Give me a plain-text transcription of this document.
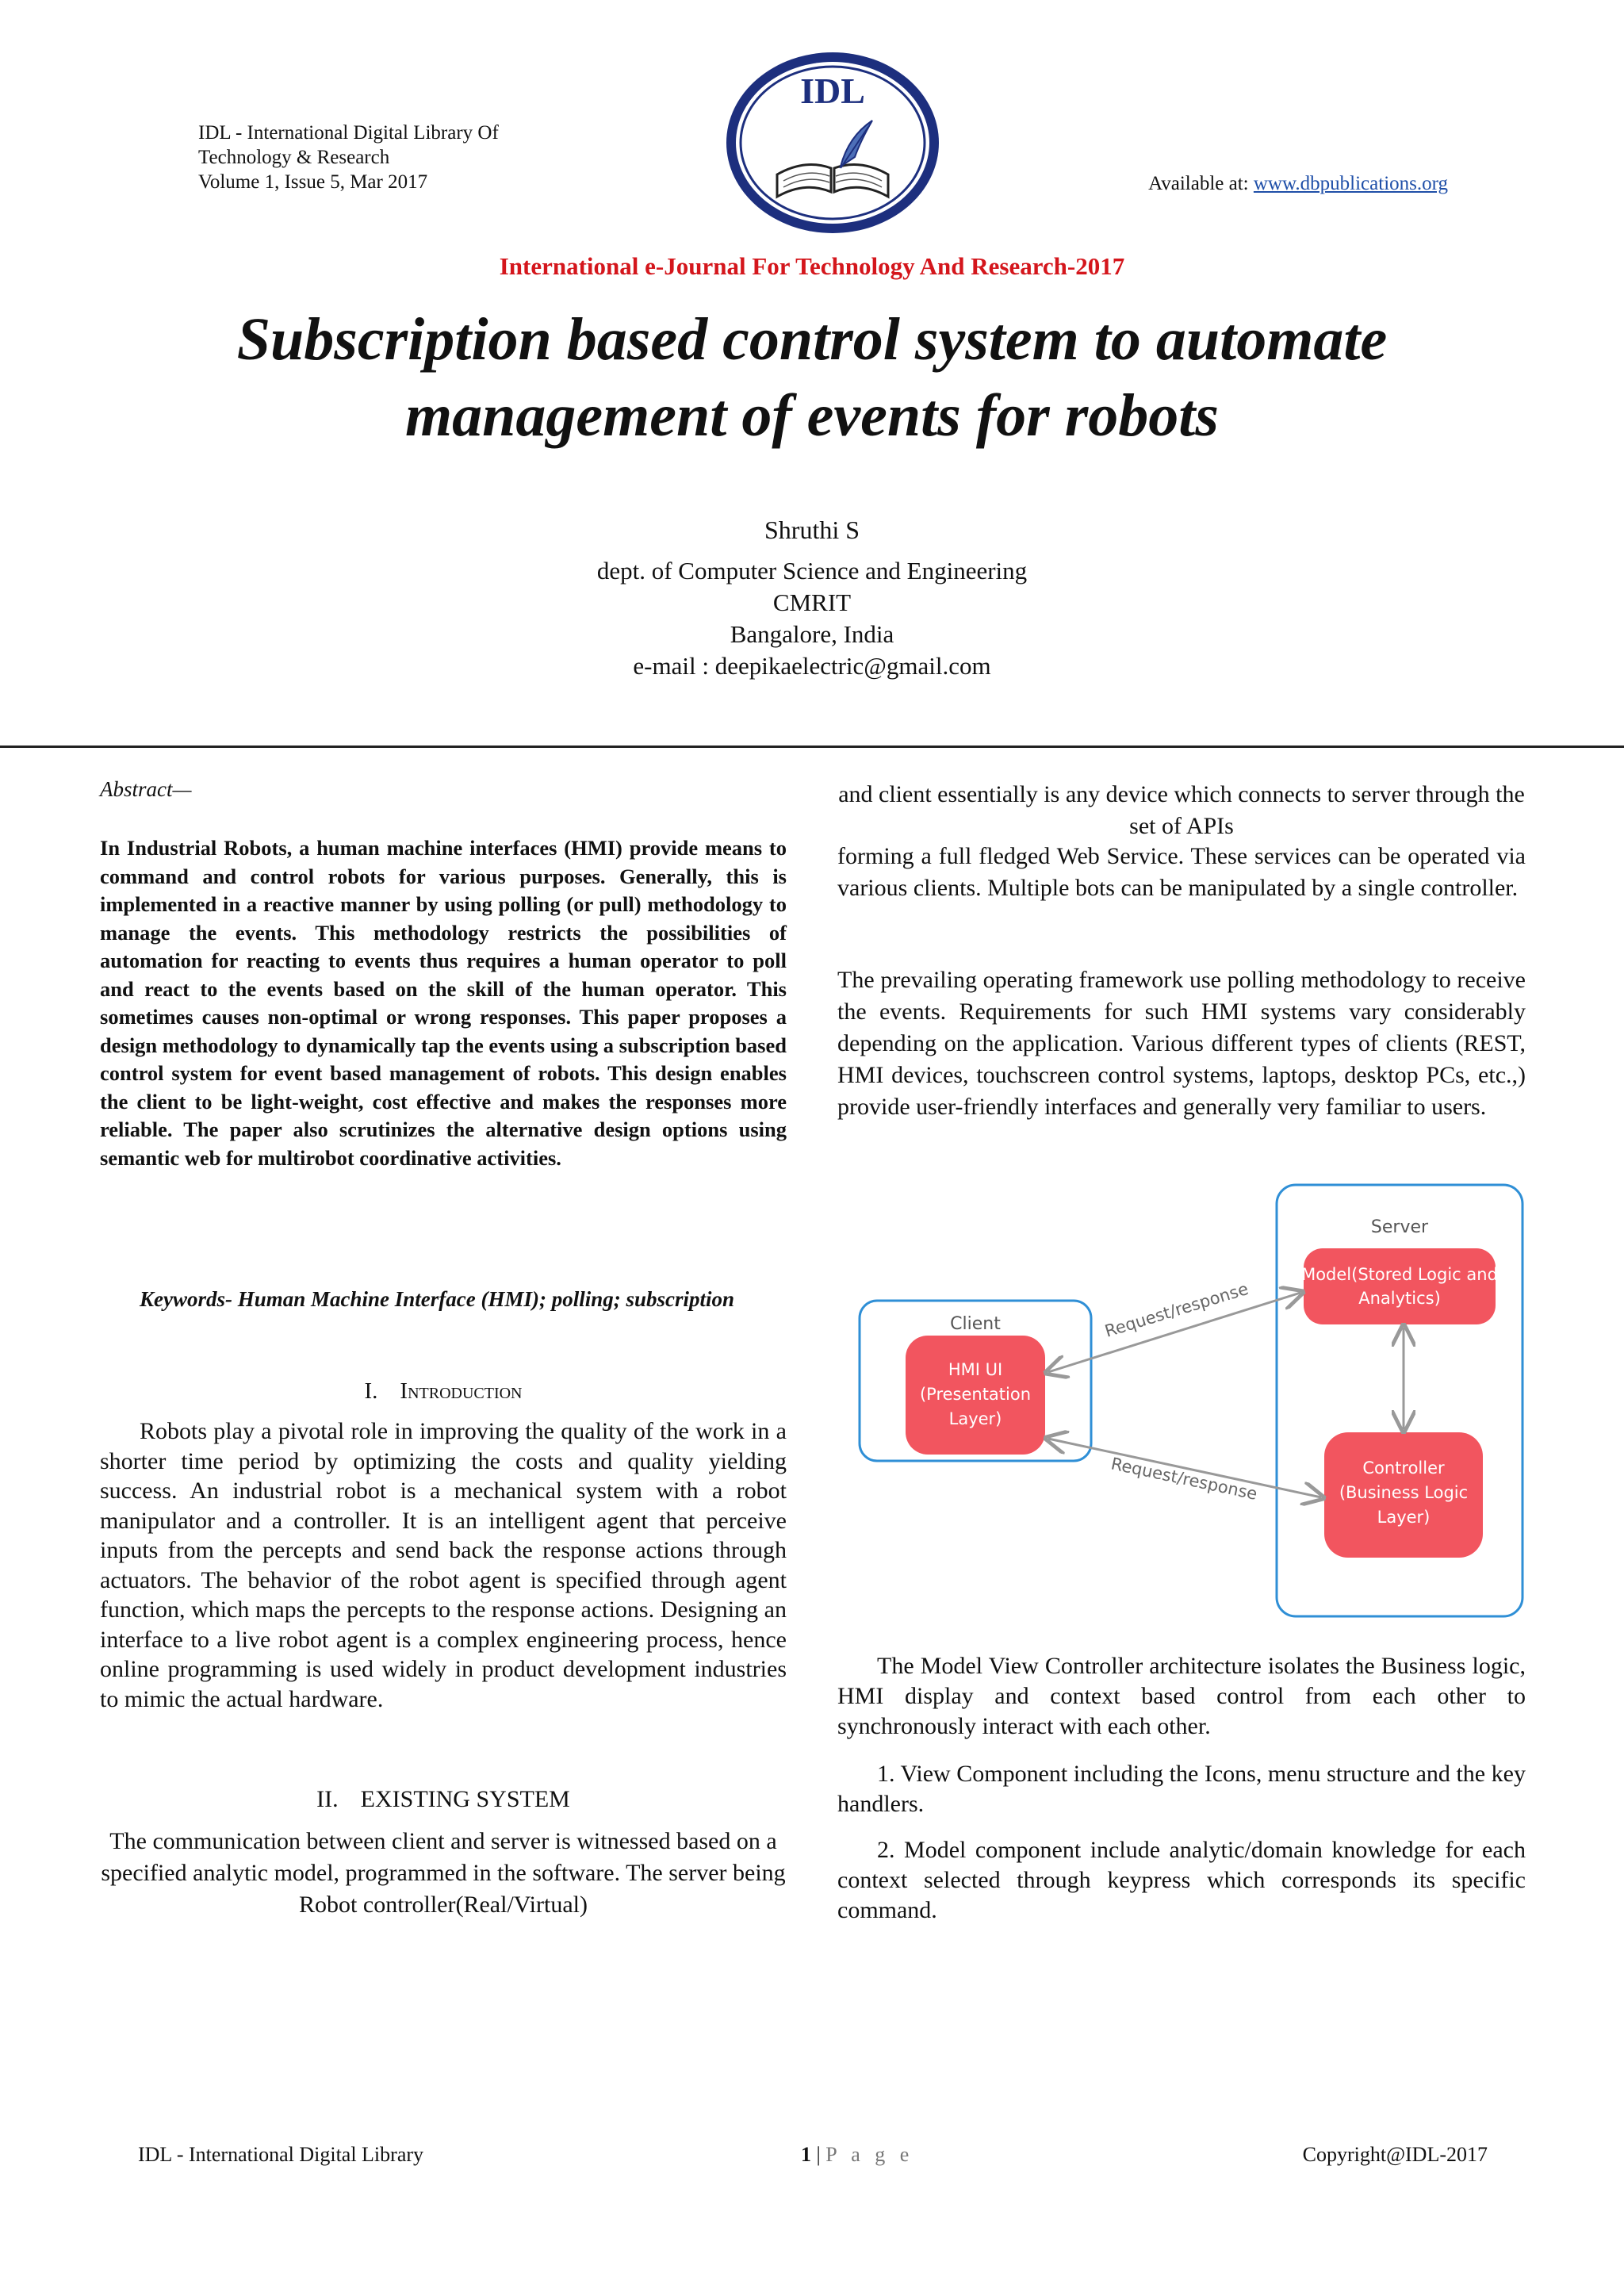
IDL - International Digital Library Of
Technology & Research
Volume 1, Issue 5, Mar 2017
IDL
Available at: www.dbpublications.org
International e-Journal For Technology And Research-2017
Subscription based control system to automate management of events for robots
Shruthi S
dept. of Computer Science and Engineering
CMRIT
Bangalore, India
e-mail : deepikaelectric@gmail.com
Abstract—
In Industrial Robots, a human machine interfaces (HMI) provide means to command and control robots for various purposes. Generally, this is implemented in a reactive manner by using polling (or pull) methodology to manage the events. This methodology restricts the possibilities of automation for reacting to events thus requires a human operator to poll and react to the events based on the skill of the human operator. This sometimes causes non-optimal or wrong responses. This paper proposes a design methodology to dynamically tap the events using a subscription based control system for event based management of robots. This design enables the client to be light-weight, cost effective and makes the responses more reliable. The paper also scrutinizes the alternative design options using semantic web for multirobot coordinative activities.
Keywords- Human Machine Interface (HMI); polling; subscription
I. Introduction
Robots play a pivotal role in improving the quality of the work in a shorter time period by optimizing the costs and quality yielding success. An industrial robot is a mechanical system with a robot manipulator and a controller. It is an intelligent agent that perceive inputs from the percepts and send back the response actions through actuators. The behavior of the robot agent is specified through agent function, which maps the percepts to the response actions. Designing an interface to a live robot agent is a complex engineering process, hence online programming is used widely in product development industries to mimic the actual hardware.
II. EXISTING SYSTEM
The communication between client and server is witnessed based on a specified analytic model, programmed in the software. The server being Robot controller(Real/Virtual)
and client essentially is any device which connects to server through the set of APIs
forming a full fledged Web Service. These services can be operated via various clients. Multiple bots can be manipulated by a single controller.
The prevailing operating framework use polling methodology to receive the events. Requirements for such HMI systems vary considerably depending on the application. Various different types of clients (REST, HMI devices, touchscreen control systems, laptops, desktop PCs, etc.,) provide user-friendly interfaces and generally very familiar to users.
Server
Client
Model(Stored Logic and
Analytics)
HMI UI
(Presentation
Layer)
Controller
(Business Logic
Layer)
Request/response
Request/response
The Model View Controller architecture isolates the Business logic, HMI display and context based control from each other to synchronously interact with each other.
1. View Component including the Icons, menu structure and the key handlers.
2. Model component include analytic/domain knowledge for each context selected through keypress which corresponds its specific command.
IDL - International Digital Library	1 | P a g e	Copyright@IDL-2017
